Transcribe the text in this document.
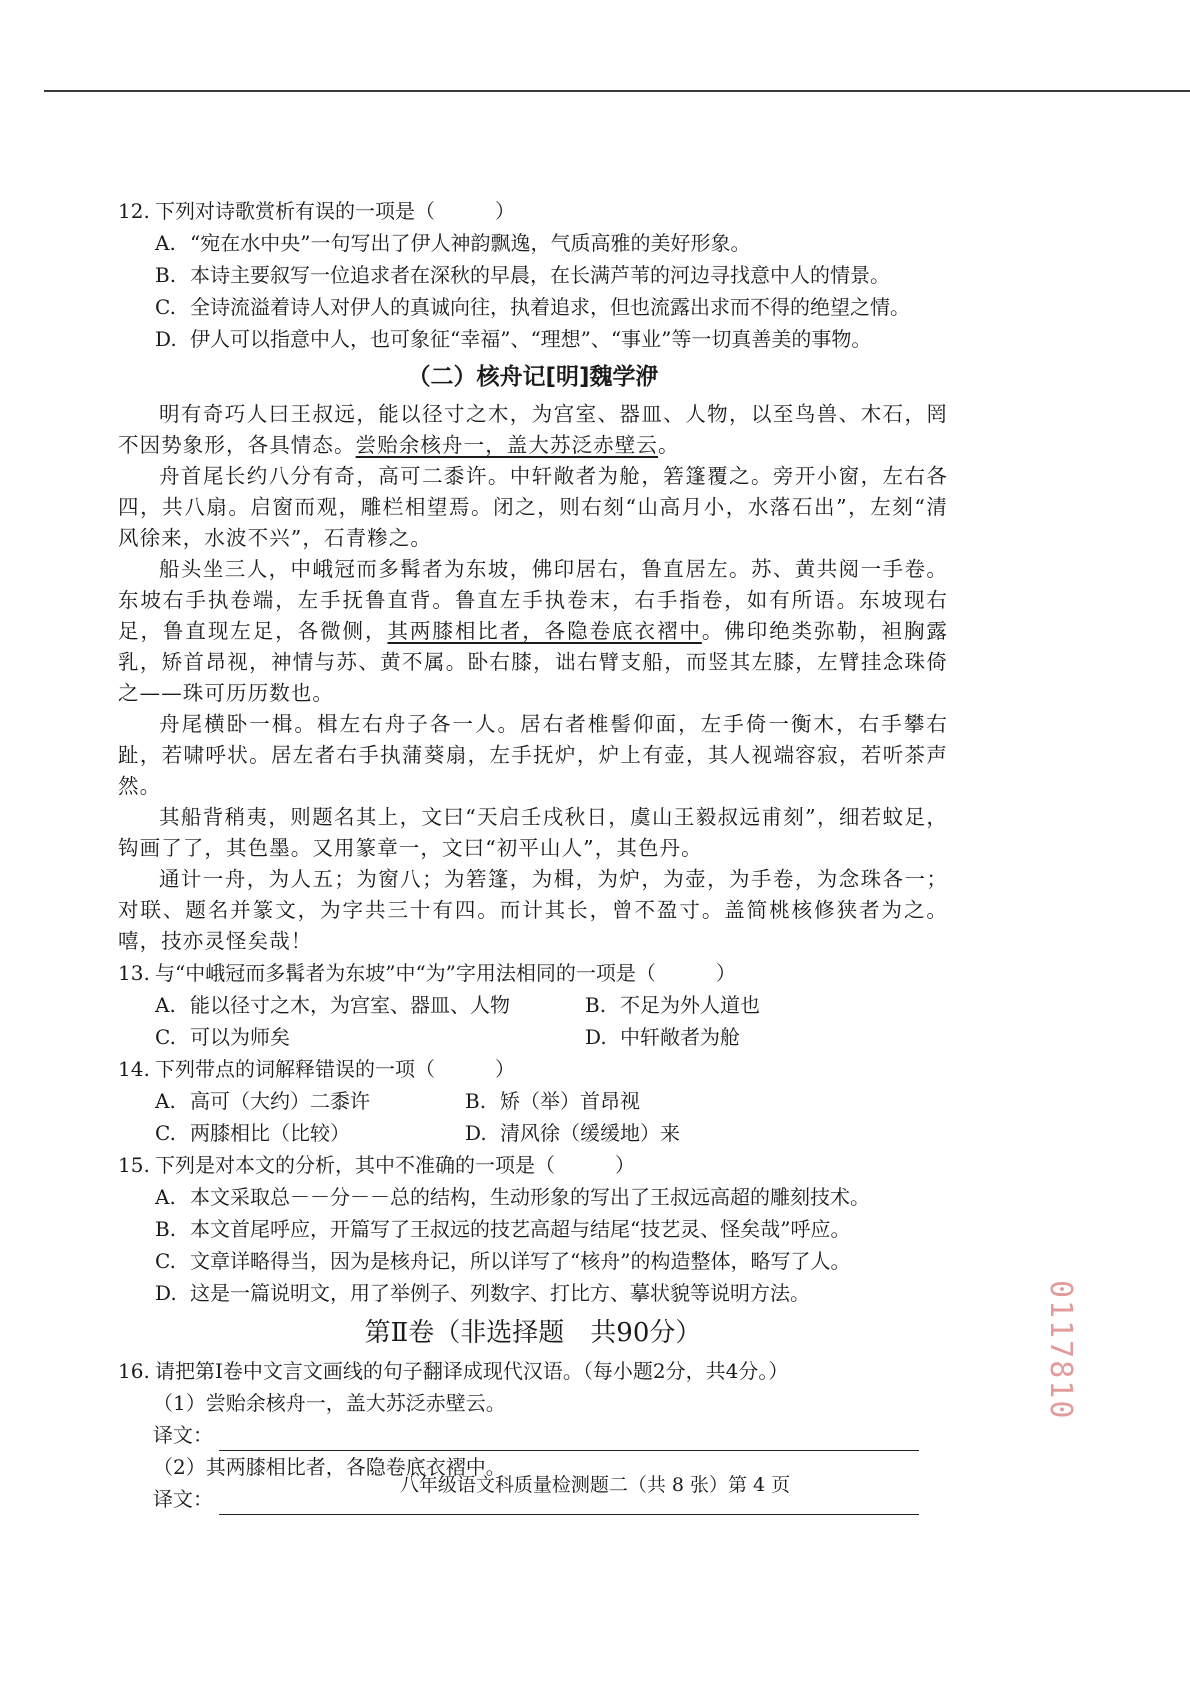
12. 下列对诗歌赏析有误的一项是（　　　）
A. “宛在水中央”一句写出了伊人神韵飘逸，气质高雅的美好形象。
B. 本诗主要叙写一位追求者在深秋的早晨，在长满芦苇的河边寻找意中人的情景。
C. 全诗流溢着诗人对伊人的真诚向往，执着追求，但也流露出求而不得的绝望之情。
D. 伊人可以指意中人，也可象征“幸福”、“理想”、“事业”等一切真善美的事物。
（二）核舟记[明]魏学洢

明有奇巧人曰王叔远，能以径寸之木，为宫室、器皿、人物，以至鸟兽、木石，罔不因势象形，各具情态。尝贻余核舟一，盖大苏泛赤壁云。

舟首尾长约八分有奇，高可二黍许。中轩敞者为舱，箬篷覆之。旁开小窗，左右各四，共八扇。启窗而观，雕栏相望焉。闭之，则右刻“山高月小，水落石出”，左刻“清风徐来，水波不兴”，石青糁之。

船头坐三人，中峨冠而多髯者为东坡，佛印居右，鲁直居左。苏、黄共阅一手卷。东坡右手执卷端，左手抚鲁直背。鲁直左手执卷末，右手指卷，如有所语。东坡现右足，鲁直现左足，各微侧，其两膝相比者，各隐卷底衣褶中。佛印绝类弥勒，袒胸露乳，矫首昂视，神情与苏、黄不属。卧右膝，诎右臂支船，而竖其左膝，左臂挂念珠倚之——珠可历历数也。

舟尾横卧一楫。楫左右舟子各一人。居右者椎髻仰面，左手倚一衡木，右手攀右趾，若啸呼状。居左者右手执蒲葵扇，左手抚炉，炉上有壶，其人视端容寂，若听茶声然。

其船背稍夷，则题名其上，文曰“天启壬戌秋日，虞山王毅叔远甫刻”，细若蚊足，钩画了了，其色墨。又用篆章一，文曰“初平山人”，其色丹。

通计一舟，为人五；为窗八；为箬篷，为楫，为炉，为壶，为手卷，为念珠各一；对联、题名并篆文，为字共三十有四。而计其长，曾不盈寸。盖简桃核修狭者为之。嘻，技亦灵怪矣哉！

13. 与“中峨冠而多髯者为东坡”中“为”字用法相同的一项是（　　　）
A. 能以径寸之木，为宫室、器皿、人物	B. 不足为外人道也
C. 可以为师矣	D. 中轩敞者为舱
14. 下列带点的词解释错误的一项（　　　）
A. 高可（大约）二黍许	B. 矫（举）首昂视
C. 两膝相比（比较）	D. 清风徐（缓缓地）来
15. 下列是对本文的分析，其中不准确的一项是（　　　）
A. 本文采取总－－分－－总的结构，生动形象的写出了王叔远高超的雕刻技术。
B. 本文首尾呼应，开篇写了王叔远的技艺高超与结尾“技艺灵、怪矣哉”呼应。
C. 文章详略得当，因为是核舟记，所以详写了“核舟”的构造整体，略写了人。
D. 这是一篇说明文，用了举例子、列数字、打比方、摹状貌等说明方法。
第Ⅱ卷（非选择题　共90分）
16. 请把第Ⅰ卷中文言文画线的句子翻译成现代汉语。（每小题2分，共4分。）
（1）尝贻余核舟一，盖大苏泛赤壁云。
译文：
（2）其两膝相比者，各隐卷底衣褶中。
译文：
八年级语文科质量检测题二（共 8 张）第 4 页
0117810
